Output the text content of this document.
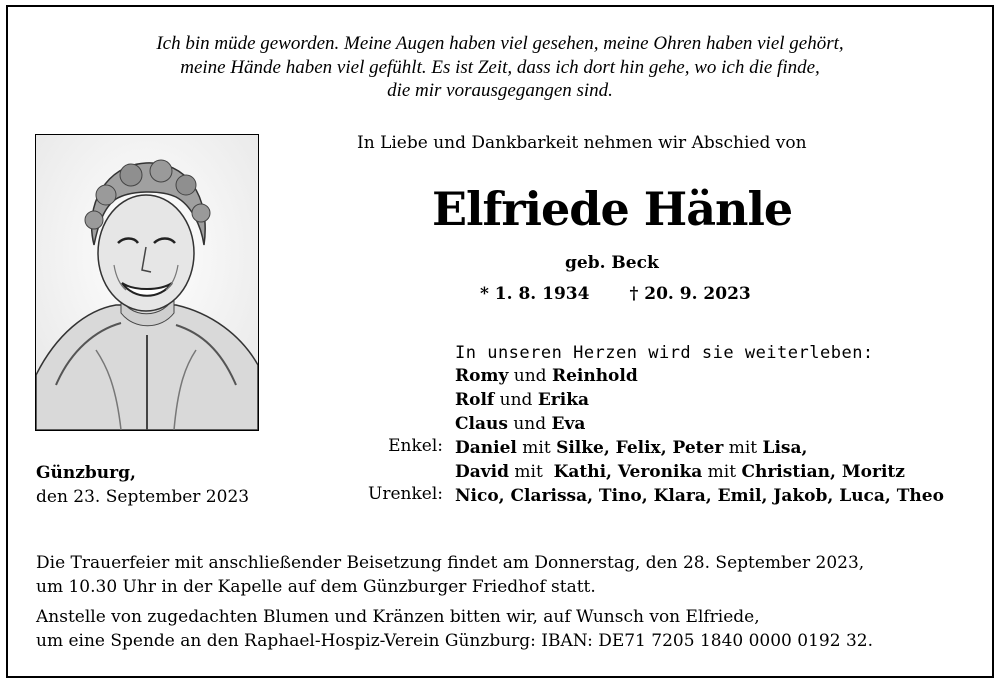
Ich bin müde geworden. Meine Augen haben viel gesehen, meine Ohren haben viel gehört,
meine Hände haben viel gefühlt. Es ist Zeit, dass ich dort hin gehe, wo ich die finde,
die mir vorausgegangen sind.
In Liebe und Dankbarkeit nehmen wir Abschied von
Elfriede Hänle
geb. Beck
* 1. 8. 1934 † 20. 9. 2023
In unseren Herzen wird sie weiterleben:
Romy und Reinhold
Rolf und Erika
Claus und Eva
Enkel: Daniel mit Silke, Felix, Peter mit Lisa,
David mit  Kathi, Veronika mit Christian, Moritz
Urenkel: Nico, Clarissa, Tino, Klara, Emil, Jakob, Luca, Theo
Günzburg,
den 23. September 2023
Die Trauerfeier mit anschließender Beisetzung findet am Donnerstag, den 28. September 2023,
um 10.30 Uhr in der Kapelle auf dem Günzburger Friedhof statt.
Anstelle von zugedachten Blumen und Kränzen bitten wir, auf Wunsch von Elfriede,
um eine Spende an den Raphael-Hospiz-Verein Günzburg: IBAN: DE71 7205 1840 0000 0192 32.
